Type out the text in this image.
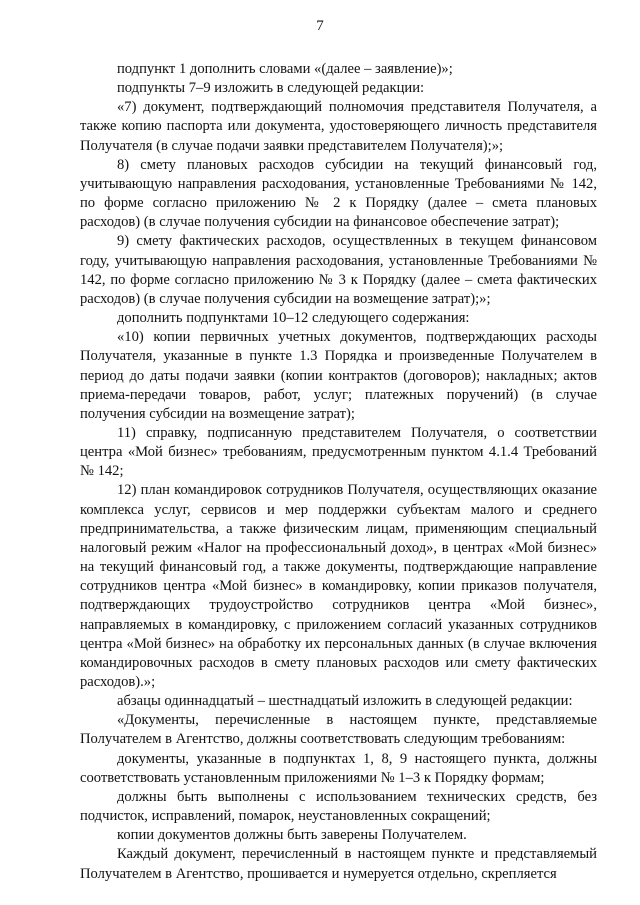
7

подпункт 1 дополнить словами «(далее – заявление)»;

подпункты 7–9 изложить в следующей редакции:

«7) документ, подтверждающий полномочия представителя Получателя, а также копию паспорта или документа, удостоверяющего личность представителя Получателя (в случае подачи заявки представителем Получателя);»;

8) смету плановых расходов субсидии на текущий финансовый год, учитывающую направления расходования, установленные Требованиями № 142, по форме согласно приложению № 2 к Порядку (далее – смета плановых расходов) (в случае получения субсидии на финансовое обеспечение затрат);

9) смету фактических расходов, осуществленных в текущем финансовом году, учитывающую направления расходования, установленные Требованиями № 142, по форме согласно приложению № 3 к Порядку (далее – смета фактических расходов) (в случае получения субсидии на возмещение затрат);»;

дополнить подпунктами 10–12 следующего содержания:

«10) копии первичных учетных документов, подтверждающих расходы Получателя, указанные в пункте 1.3 Порядка и произведенные Получателем в период до даты подачи заявки (копии контрактов (договоров); накладных; актов приема-передачи товаров, работ, услуг; платежных поручений) (в случае получения субсидии на возмещение затрат);

11) справку, подписанную представителем Получателя, о соответствии центра «Мой бизнес» требованиям, предусмотренным пунктом 4.1.4 Требований № 142;

12) план командировок сотрудников Получателя, осуществляющих оказание комплекса услуг, сервисов и мер поддержки субъектам малого и среднего предпринимательства, а также физическим лицам, применяющим специальный налоговый режим «Налог на профессиональный доход», в центрах «Мой бизнес» на текущий финансовый год, а также документы, подтверждающие направление сотрудников центра «Мой бизнес» в командировку, копии приказов получателя, подтверждающих трудоустройство сотрудников центра «Мой бизнес», направляемых в командировку, с приложением согласий указанных сотрудников центра «Мой бизнес» на обработку их персональных данных (в случае включения командировочных расходов в смету плановых расходов или смету фактических расходов).»;

абзацы одиннадцатый – шестнадцатый изложить в следующей редакции:

«Документы, перечисленные в настоящем пункте, представляемые Получателем в Агентство, должны соответствовать следующим требованиям:

документы, указанные в подпунктах 1, 8, 9 настоящего пункта, должны соответствовать установленным приложениями № 1–3 к Порядку формам;

должны быть выполнены с использованием технических средств, без подчисток, исправлений, помарок, неустановленных сокращений;

копии документов должны быть заверены Получателем.

Каждый документ, перечисленный в настоящем пункте и представляемый Получателем в Агентство, прошивается и нумеруется отдельно, скрепляется
